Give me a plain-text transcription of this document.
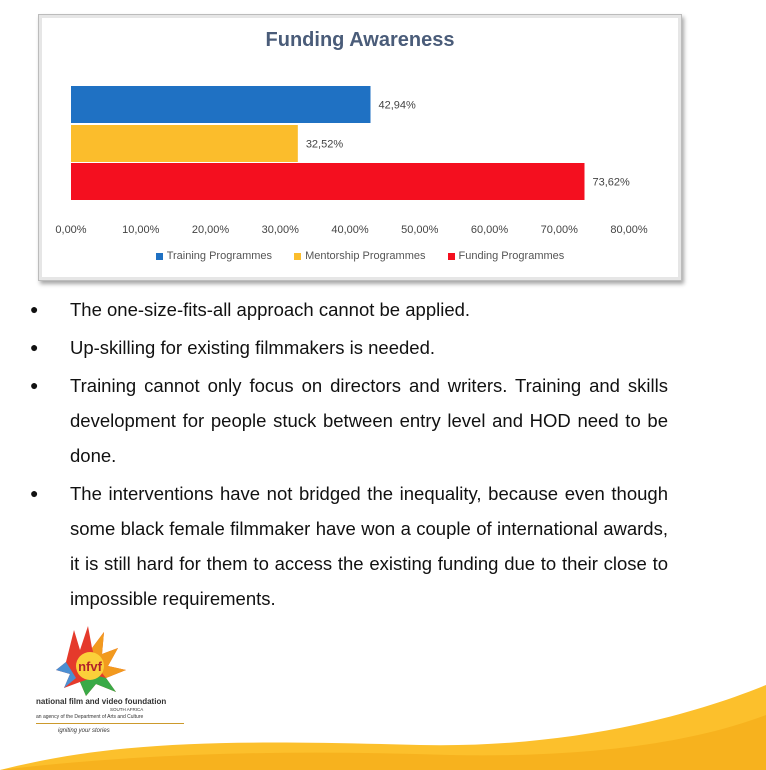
Funding Awareness
42,94%
32,52%
73,62%
0,00%	10,00%	20,00%	30,00%	40,00%	50,00%	60,00%	70,00%	80,00%
Training Programmes	Mentorship Programmes	Funding Programmes
● The one-size-fits-all approach cannot be applied.
● Up-skilling for existing filmmakers is needed.
● Training cannot only focus on directors and writers. Training and skills development for people stuck between entry level and HOD need to be done.
● The interventions have not bridged the inequality, because even though some black female filmmaker have won a couple of international awards, it is still hard for them to access the existing funding due to their close to impossible requirements.
nfvf
national film and video foundation
SOUTH AFRICA
an agency of the Department of Arts and Culture
igniting your stories
